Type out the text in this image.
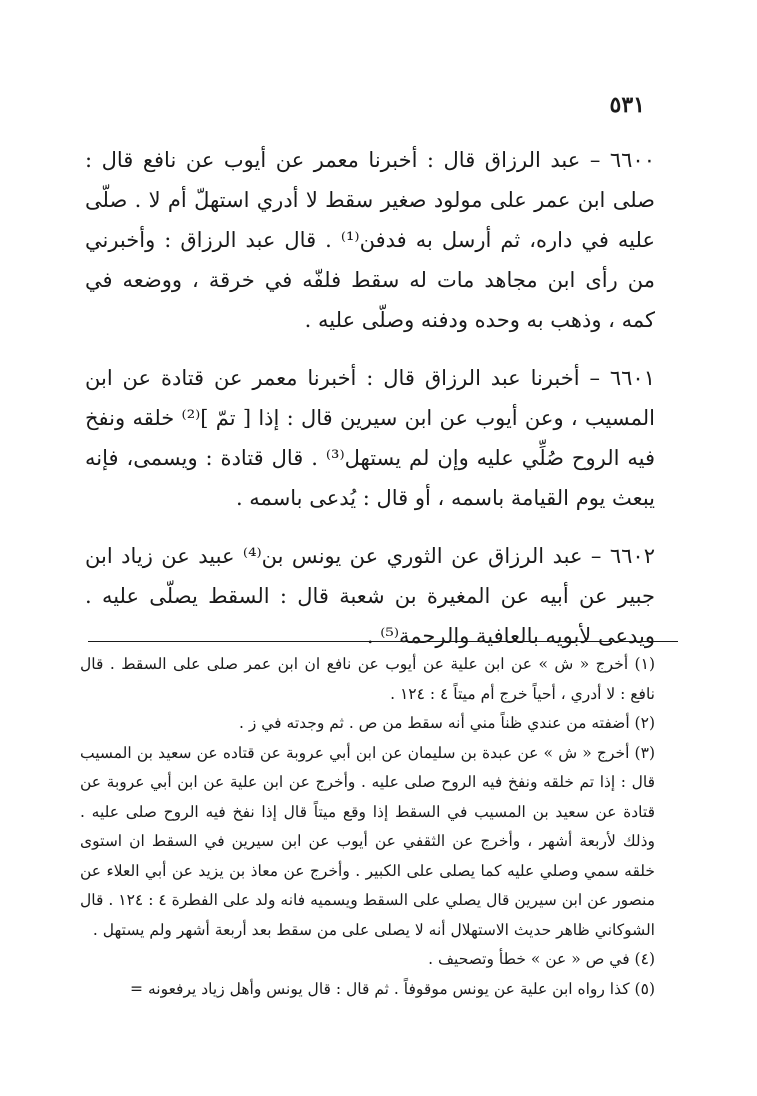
٥٣١

٦٦٠٠ – عبد الرزاق قال : أخبرنا معمر عن أيوب عن نافع قال : صلى ابن عمر على مولود صغير سقط لا أدري استهلّ أم لا . صلّى عليه في داره، ثم أرسل به فدفن⁽¹⁾ . قال عبد الرزاق : وأخبرني من رأى ابن مجاهد مات له سقط فلفّه في خرقة ، ووضعه في كمه ، وذهب به وحده ودفنه وصلّى عليه .

٦٦٠١ – أخبرنا عبد الرزاق قال : أخبرنا معمر عن قتادة عن ابن المسيب ، وعن أيوب عن ابن سيرين قال : إذا [ تمّ ]⁽²⁾ خلقه ونفخ فيه الروح صُلِّي عليه وإن لم يستهل⁽³⁾ . قال قتادة : ويسمى، فإنه يبعث يوم القيامة باسمه ، أو قال : يُدعى باسمه .

٦٦٠٢ – عبد الرزاق عن الثوري عن يونس بن⁽⁴⁾ عبيد عن زياد ابن جبير عن أبيه عن المغيرة بن شعبة قال : السقط يصلّى عليه . ويدعى لأبويه بالعافية والرحمة⁽⁵⁾ .

(١) أخرج « ش » عن ابن علية عن أيوب عن نافع ان ابن عمر صلى على السقط . قال نافع : لا أدري ، أحياً خرج أم ميتاً ٤ : ١٢٤ .

(٢) أضفته من عندي ظناً مني أنه سقط من ص . ثم وجدته في ز .

(٣) أخرج « ش » عن عبدة بن سليمان عن ابن أبي عروبة عن قتاده عن سعيد بن المسيب قال : إذا تم خلقه ونفخ فيه الروح صلى عليه . وأخرج عن ابن علية عن ابن أبي عروبة عن قتادة عن سعيد بن المسيب في السقط إذا وقع ميتاً قال إذا نفخ فيه الروح صلى عليه . وذلك لأربعة أشهر ، وأخرج عن الثقفي عن أيوب عن ابن سيرين في السقط ان استوى خلقه سمي وصلي عليه كما يصلى على الكبير . وأخرج عن معاذ بن يزيد عن أبي العلاء عن منصور عن ابن سيرين قال يصلي على السقط ويسميه فانه ولد على الفطرة ٤ : ١٢٤ . قال الشوكاني ظاهر حديث الاستهلال أنه لا يصلى على من سقط بعد أربعة أشهر ولم يستهل .

(٤) في ص « عن » خطأ وتصحيف .

(٥) كذا رواه ابن علية عن يونس موقوفاً . ثم قال : قال يونس وأهل زياد يرفعونه =
